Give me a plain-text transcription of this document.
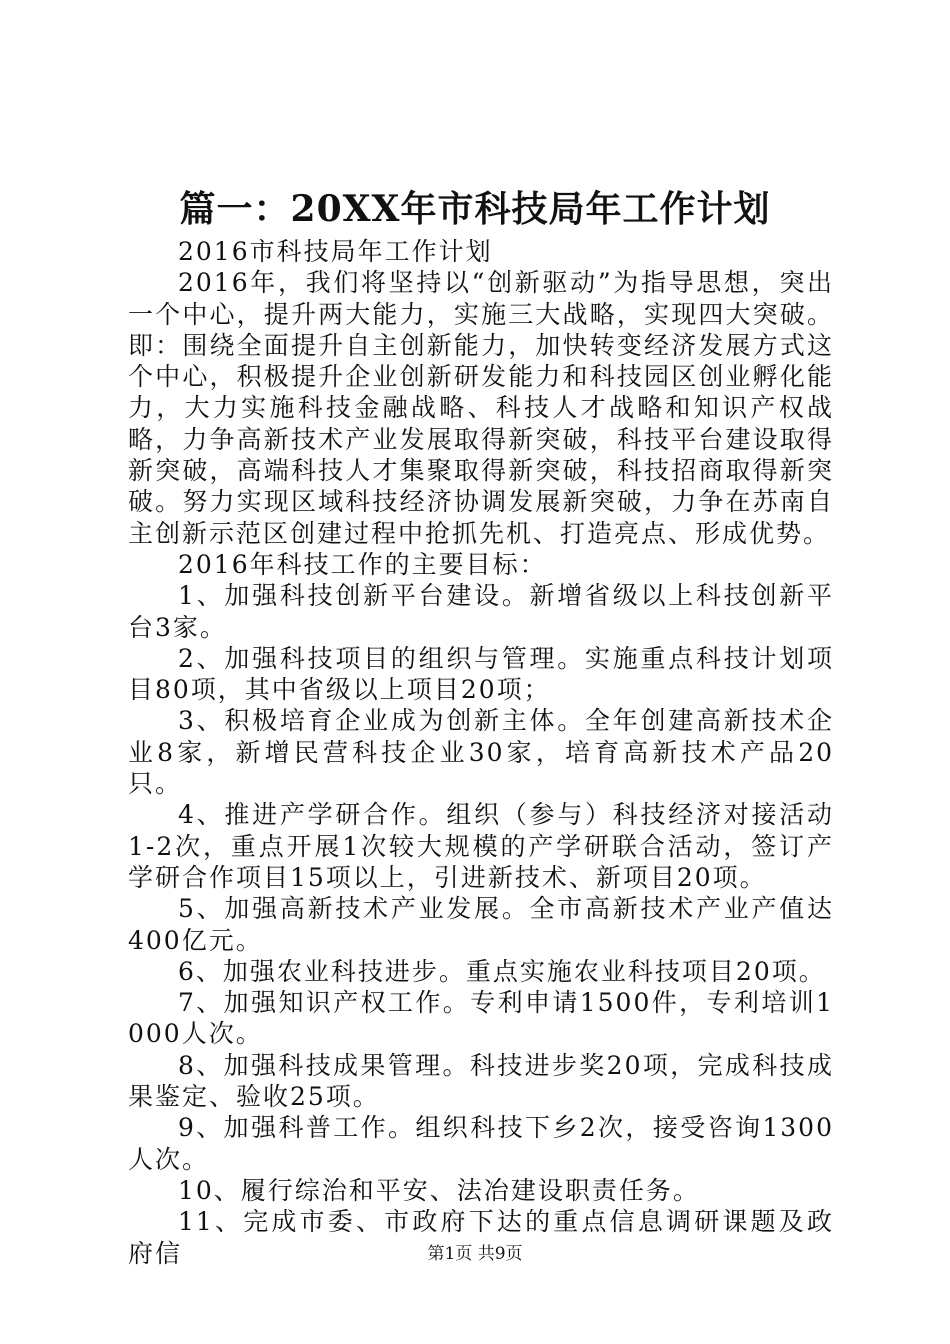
篇一：20XX年市科技局年工作计划

2016市科技局年工作计划

2016年，我们将坚持以“创新驱动”为指导思想，突出一个中心，提升两大能力，实施三大战略，实现四大突破。即：围绕全面提升自主创新能力，加快转变经济发展方式这个中心，积极提升企业创新研发能力和科技园区创业孵化能力，大力实施科技金融战略、科技人才战略和知识产权战略，力争高新技术产业发展取得新突破，科技平台建设取得新突破，高端科技人才集聚取得新突破，科技招商取得新突破。努力实现区域科技经济协调发展新突破，力争在苏南自主创新示范区创建过程中抢抓先机、打造亮点、形成优势。

2016年科技工作的主要目标：

1、加强科技创新平台建设。新增省级以上科技创新平台3家。

2、加强科技项目的组织与管理。实施重点科技计划项目80项，其中省级以上项目20项；

3、积极培育企业成为创新主体。全年创建高新技术企业8家，新增民营科技企业30家，培育高新技术产品20只。

4、推进产学研合作。组织（参与）科技经济对接活动1-2次，重点开展1次较大规模的产学研联合活动，签订产学研合作项目15项以上，引进新技术、新项目20项。

5、加强高新技术产业发展。全市高新技术产业产值达400亿元。

6、加强农业科技进步。重点实施农业科技项目20项。

7、加强知识产权工作。专利申请1500件，专利培训1000人次。

8、加强科技成果管理。科技进步奖20项，完成科技成果鉴定、验收25项。

9、加强科普工作。组织科技下乡2次，接受咨询1300人次。

10、履行综治和平安、法冶建设职责任务。

11、完成市委、市政府下达的重点信息调研课题及政府信	第1页 共9页
